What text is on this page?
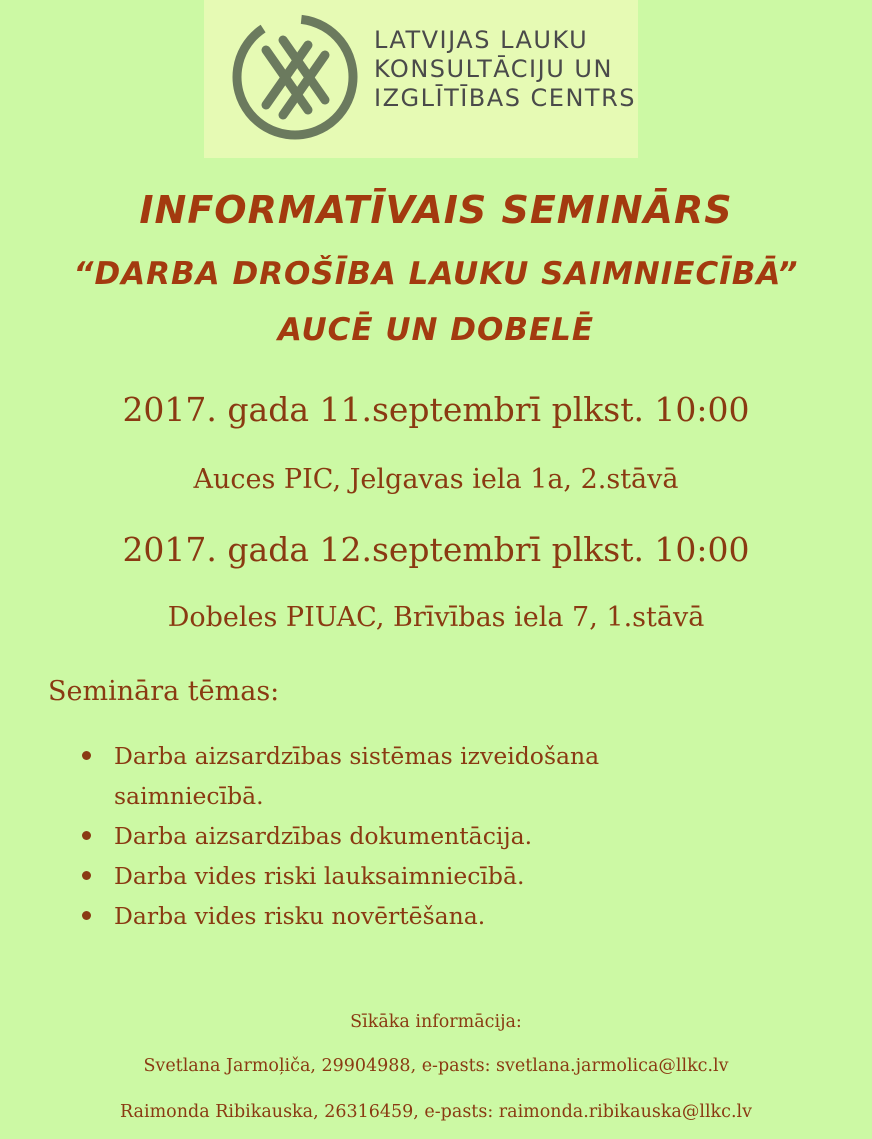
LATVIJAS LAUKU
KONSULTĀCIJU UN
IZGLĪTĪBAS CENTRS
INFORMATĪVAIS SEMINĀRS
“DARBA DROŠĪBA LAUKU SAIMNIECĪBĀ”
AUCĒ UN DOBELĒ
2017. gada 11.septembrī plkst. 10:00
Auces PIC, Jelgavas iela 1a, 2.stāvā
2017. gada 12.septembrī plkst. 10:00
Dobeles PIUAC, Brīvības iela 7, 1.stāvā
Semināra tēmas:
Darba aizsardzības sistēmas izveidošana saimniecībā.
Darba aizsardzības dokumentācija.
Darba vides riski lauksaimniecībā.
Darba vides risku novērtēšana.
Sīkāka informācija:
Svetlana Jarmoļiča, 29904988, e-pasts: svetlana.jarmolica@llkc.lv
Raimonda Ribikauska, 26316459, e-pasts: raimonda.ribikauska@llkc.lv
